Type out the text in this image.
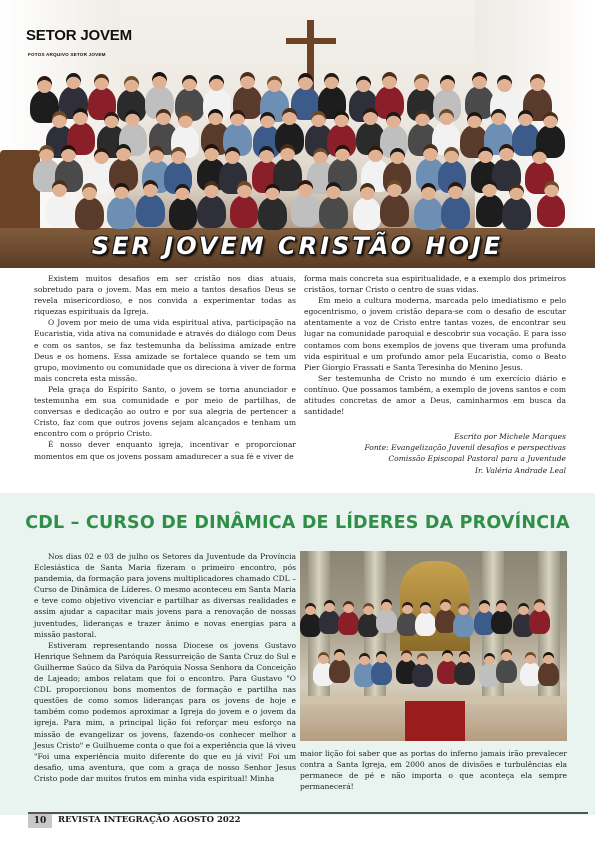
SETOR JOVEM
FOTOS ARQUIVO SETOR JOVEM
SER JOVEM CRISTÃO HOJE

Existem muitos desafios em ser cristão nos dias atuais, sobretudo para o jovem. Mas em meio a tantos desafios Deus se revela misericordioso, e nos convida a experimentar todas as riquezas espirituais da Igreja.

O Jovem por meio de uma vida espiritual ativa, participação na Eucaristia, vida ativa na comunidade e através do diálogo com Deus e com os santos, se faz testemunha da belíssima amizade entre Deus e os homens. Essa amizade se fortalece quando se tem um grupo, movimento ou comunidade que os direciona à viver de forma mais concreta esta missão.

Pela graça do Espírito Santo, o jovem se torna anunciador e testemunha em sua comunidade e por meio de partilhas, de conversas e dedicação ao outro e por sua alegria de pertencer a Cristo, faz com que outros jovens sejam alcançados e tenham um encontro com o próprio Cristo.

É nosso dever enquanto igreja, incentivar e proporcionar momentos em que os jovens possam amadurecer a sua fé e viver de

forma mais concreta sua espiritualidade, e a exemplo dos primeiros cristãos, tornar Cristo o centro de suas vidas.

Em meio a cultura moderna, marcada pelo imediatismo e pelo egocentrismo, o jovem cristão depara-se com o desafio de escutar atentamente a voz de Cristo entre tantas vozes, de encontrar seu lugar na comunidade paroquial e descobrir sua vocação. E para isso contamos com bons exemplos de jovens que tiveram uma profunda vida espiritual e um profundo amor pela Eucaristia, como o Beato Pier Giorgio Frassati e Santa Teresinha do Menino Jesus.

Ser testemunha de Cristo no mundo é um exercício diário e contínuo. Que possamos também, a exemplo de jovens santos e com atitudes concretas de amor a Deus, caminharmos em busca da santidade!

Escrito por Michele Marques
Fonte: Evangelização Juvenil desafios e perspectivas
Comissão Episcopal Pastoral para a Juventude
Ir. Valéria Andrade Leal
CDL – CURSO DE DINÂMICA DE LÍDERES DA PROVÍNCIA

Nos dias 02 e 03 de julho os Setores da Juventude da Província Eclesiástica de Santa Maria fizeram o primeiro encontro, pós pandemia, da formação para jovens multiplicadores chamado CDL – Curso de Dinâmica de Líderes. O mesmo aconteceu em Santa Maria e teve como objetivo vivenciar e partilhar as diversas realidades e assim ajudar a capacitar mais jovens para a renovação de nossas juventudes, lideranças e trazer ânimo e novas energias para a missão pastoral.

Estiveram representando nossa Diocese os jovens Gustavo Henrique Sehnem da Paróquia Ressurreição de Santa Cruz do Sul e Guilherme Saúco da Silva da Paróquia Nossa Senhora da Conceição de Lajeado; ambos relatam que foi o encontro. Para Gustavo "O CDL proporcionou bons momentos de formação e partilha nas questões de como somos lideranças para os jovens de hoje e também como podemos aproximar a Igreja do jovem e o jovem da igreja. Para mim, a principal lição foi reforçar meu esforço na missão de evangelizar os jovens, fazendo-os conhecer melhor a Jesus Cristo" e Guilhueme conta o que foi a experiência que lá viveu "Foi uma experiência muito diferente do que eu já vivi! Foi um desafio, uma aventura, que com a graça de nosso Senhor Jesus Cristo pode dar muitos frutos em minha vida espiritual! Minha

maior lição foi saber que as portas do inferno jamais irão prevalecer contra a Santa Igreja, em 2000 anos de divisões e turbulências ela permanece de pé e não importa o que aconteça ela sempre permanecerá!

10	REVISTA INTEGRAÇÃO AGOSTO 2022
